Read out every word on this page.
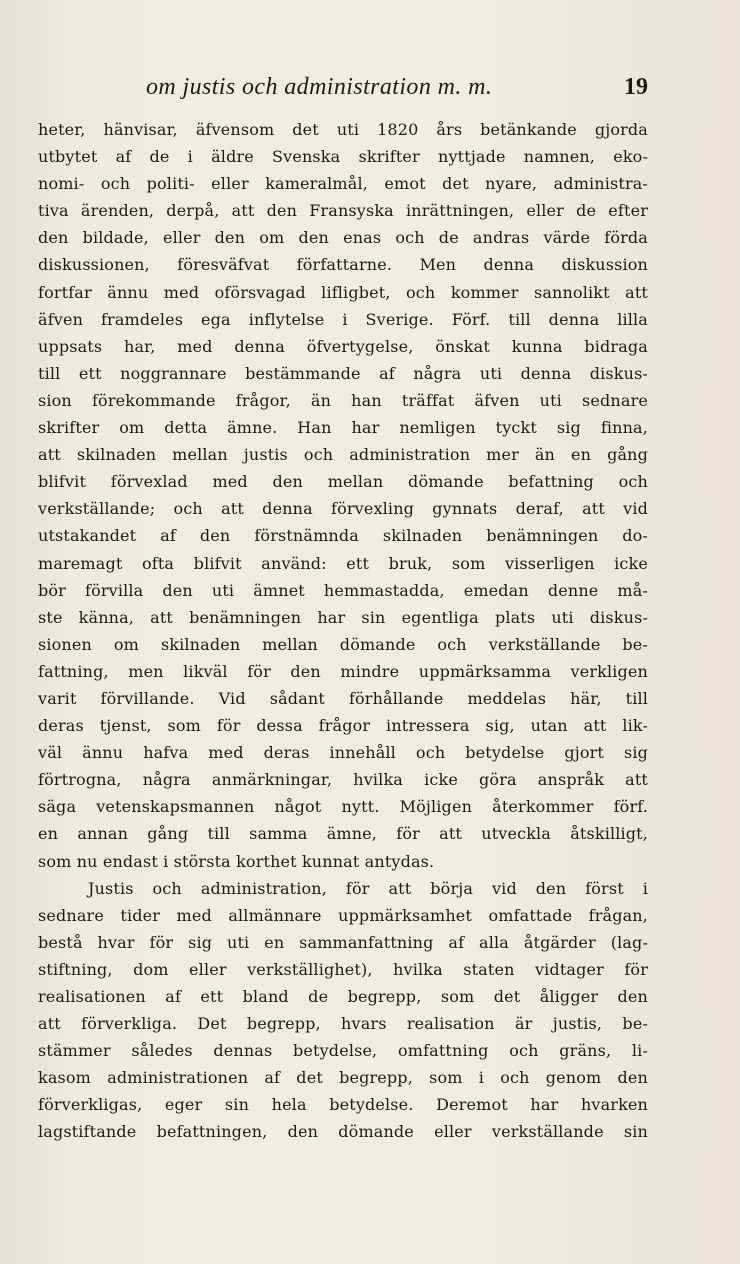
om justis och administration m. m.	19
heter, hänvisar, äfvensom det uti 1820 års betänkande gjorda
utbytet af de i äldre Svenska skrifter nyttjade namnen, eko-
nomi- och politi- eller kameralmål, emot det nyare, administra-
tiva ärenden, derpå, att den Fransyska inrättningen, eller de efter
den bildade, eller den om den enas och de andras värde förda
diskussionen, föresväfvat författarne. Men denna diskussion
fortfar ännu med oförsvagad lifligbet, och kommer sannolikt att
äfven framdeles ega inflytelse i Sverige. Förf. till denna lilla
uppsats har, med denna öfvertygelse, önskat kunna bidraga
till ett noggrannare bestämmande af några uti denna diskus-
sion förekommande frågor, än han träffat äfven uti sednare
skrifter om detta ämne. Han har nemligen tyckt sig finna,
att skilnaden mellan justis och administration mer än en gång
blifvit förvexlad med den mellan dömande befattning och
verkställande; och att denna förvexling gynnats deraf, att vid
utstakandet af den förstnämnda skilnaden benämningen do-
maremagt ofta blifvit använd: ett bruk, som visserligen icke
bör förvilla den uti ämnet hemmastadda, emedan denne må-
ste känna, att benämningen har sin egentliga plats uti diskus-
sionen om skilnaden mellan dömande och verkställande be-
fattning, men likväl för den mindre uppmärksamma verkligen
varit förvillande. Vid sådant förhållande meddelas här, till
deras tjenst, som för dessa frågor intressera sig, utan att lik-
väl ännu hafva med deras innehåll och betydelse gjort sig
förtrogna, några anmärkningar, hvilka icke göra anspråk att
säga vetenskapsmannen något nytt. Möjligen återkommer förf.
en annan gång till samma ämne, för att utveckla åtskilligt,
som nu endast i största korthet kunnat antydas.
Justis och administration, för att börja vid den först i
sednare tider med allmännare uppmärksamhet omfattade frågan,
bestå hvar för sig uti en sammanfattning af alla åtgärder (lag-
stiftning, dom eller verkställighet), hvilka staten vidtager för
realisationen af ett bland de begrepp, som det åligger den
att förverkliga. Det begrepp, hvars realisation är justis, be-
stämmer således dennas betydelse, omfattning och gräns, li-
kasom administrationen af det begrepp, som i och genom den
förverkligas, eger sin hela betydelse. Deremot har hvarken
lagstiftande befattningen, den dömande eller verkställande sin
